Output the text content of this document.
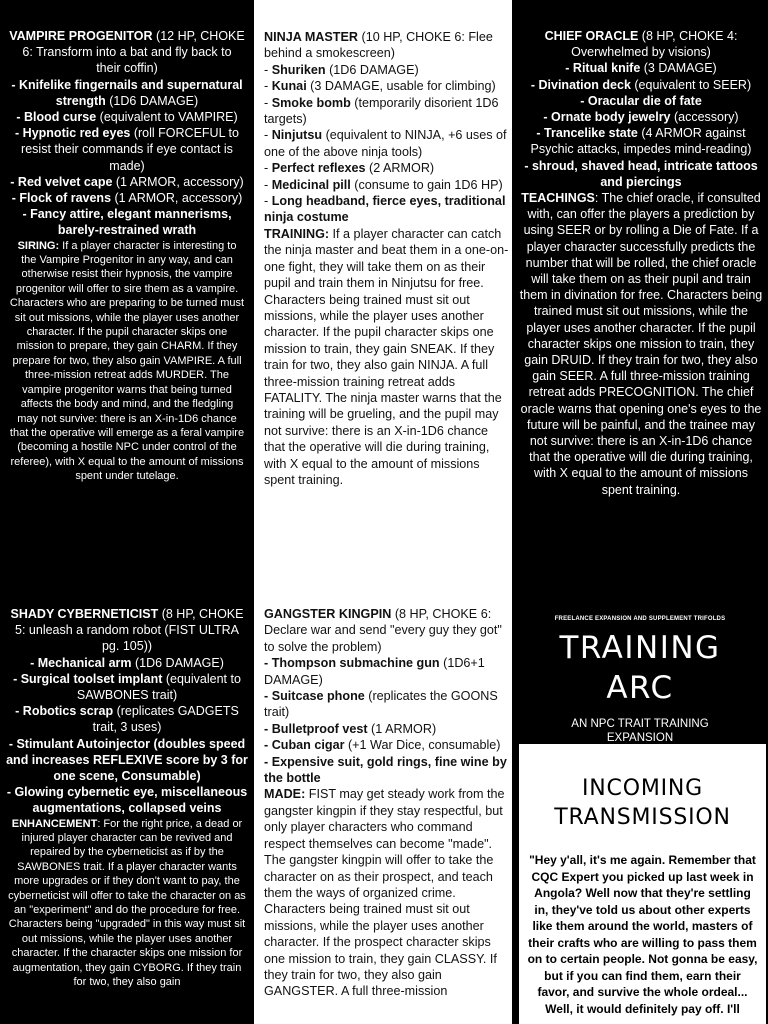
VAMPIRE PROGENITOR (12 HP, CHOKE 6: Transform into a bat and fly back to their coffin)

- Knifelike fingernails and supernatural strength (1D6 DAMAGE)

- Blood curse (equivalent to VAMPIRE)

- Hypnotic red eyes (roll FORCEFUL to resist their commands if eye contact is made)

- Red velvet cape (1 ARMOR, accessory)

- Flock of ravens (1 ARMOR, accessory)

- Fancy attire, elegant mannerisms, barely-restrained wrath

SIRING: If a player character is interesting to the Vampire Progenitor in any way, and can otherwise resist their hypnosis, the vampire progenitor will offer to sire them as a vampire. Characters who are preparing to be turned must sit out missions, while the player uses another character. If the pupil character skips one mission to prepare, they gain CHARM. If they prepare for two, they also gain VAMPIRE. A full three-mission retreat adds MURDER. The vampire progenitor warns that being turned affects the body and mind, and the fledgling may not survive: there is an X-in-1D6 chance that the operative will emerge as a feral vampire (becoming a hostile NPC under control of the referee), with X equal to the amount of missions spent under tutelage.

NINJA MASTER (10 HP, CHOKE 6: Flee behind a smokescreen)

- Shuriken (1D6 DAMAGE)

- Kunai (3 DAMAGE, usable for climbing)

- Smoke bomb (temporarily disorient 1D6 targets)

- Ninjutsu (equivalent to NINJA, +6 uses of one of the above ninja tools)

- Perfect reflexes (2 ARMOR)

- Medicinal pill (consume to gain 1D6 HP)

- Long headband, fierce eyes, traditional ninja costume

TRAINING: If a player character can catch the ninja master and beat them in a one-on-one fight, they will take them on as their pupil and train them in Ninjutsu for free. Characters being trained must sit out missions, while the player uses another character. If the pupil character skips one mission to train, they gain SNEAK. If they train for two, they also gain NINJA. A full three-mission training retreat adds FATALITY. The ninja master warns that the training will be grueling, and the pupil may not survive: there is an X-in-1D6 chance that the operative will die during training, with X equal to the amount of missions spent training.

CHIEF ORACLE (8 HP, CHOKE 4: Overwhelmed by visions)

- Ritual knife (3 DAMAGE)

- Divination deck (equivalent to SEER)

- Oracular die of fate

- Ornate body jewelry (accessory)

- Trancelike state (4 ARMOR against Psychic attacks, impedes mind-reading)

- shroud, shaved head, intricate tattoos and piercings

TEACHINGS: The chief oracle, if consulted with, can offer the players a prediction by using SEER or by rolling a Die of Fate. If a player character successfully predicts the number that will be rolled, the chief oracle will take them on as their pupil and train them in divination for free. Characters being trained must sit out missions, while the player uses another character. If the pupil character skips one mission to train, they gain DRUID. If they train for two, they also gain SEER. A full three-mission training retreat adds PRECOGNITION. The chief oracle warns that opening one's eyes to the future will be painful, and the trainee may not survive: there is an X-in-1D6 chance that the operative will die during training, with X equal to the amount of missions spent training.

SHADY CYBERNETICIST (8 HP, CHOKE 5: unleash a random robot (FIST ULTRA pg. 105))

- Mechanical arm (1D6 DAMAGE)

- Surgical toolset implant (equivalent to SAWBONES trait)

- Robotics scrap (replicates GADGETS trait, 3 uses)

- Stimulant Autoinjector (doubles speed and increases REFLEXIVE score by 3 for one scene, Consumable)

- Glowing cybernetic eye, miscellaneous augmentations, collapsed veins

ENHANCEMENT: For the right price, a dead or injured player character can be revived and repaired by the cyberneticist as if by the SAWBONES trait. If a player character wants more upgrades or if they don't want to pay, the cyberneticist will offer to take the character on as an "experiment" and do the procedure for free. Characters being "upgraded" in this way must sit out missions, while the player uses another character. If the character skips one mission for augmentation, they gain CYBORG. If they train for two, they also gain

GANGSTER KINGPIN (8 HP, CHOKE 6: Declare war and send "every guy they got" to solve the problem)

- Thompson submachine gun (1D6+1 DAMAGE)

- Suitcase phone (replicates the GOONS trait)

- Bulletproof vest (1 ARMOR)

- Cuban cigar (+1 War Dice, consumable)

- Expensive suit, gold rings, fine wine by the bottle

MADE: FIST may get steady work from the gangster kingpin if they stay respectful, but only player characters who command respect themselves can become "made". The gangster kingpin will offer to take the character on as their prospect, and teach them the ways of organized crime. Characters being trained must sit out missions, while the player uses another character. If the prospect character skips one mission to train, they gain CLASSY. If they train for two, they also gain GANGSTER. A full three-mission

FREELANCE EXPANSION AND SUPPLEMENT TRIFOLDS
TRAINING
ARC
AN NPC TRAIT TRAINING
EXPANSION
INCOMING
TRANSMISSION
"Hey y'all, it's me again. Remember that CQC Expert you picked up last week in Angola? Well now that they're settling in, they've told us about other experts like them around the world, masters of their crafts who are willing to pass them on to certain people. Not gonna be easy, but if you can find them, earn their favor, and survive the whole ordeal... Well, it would definitely pay off. I'll
